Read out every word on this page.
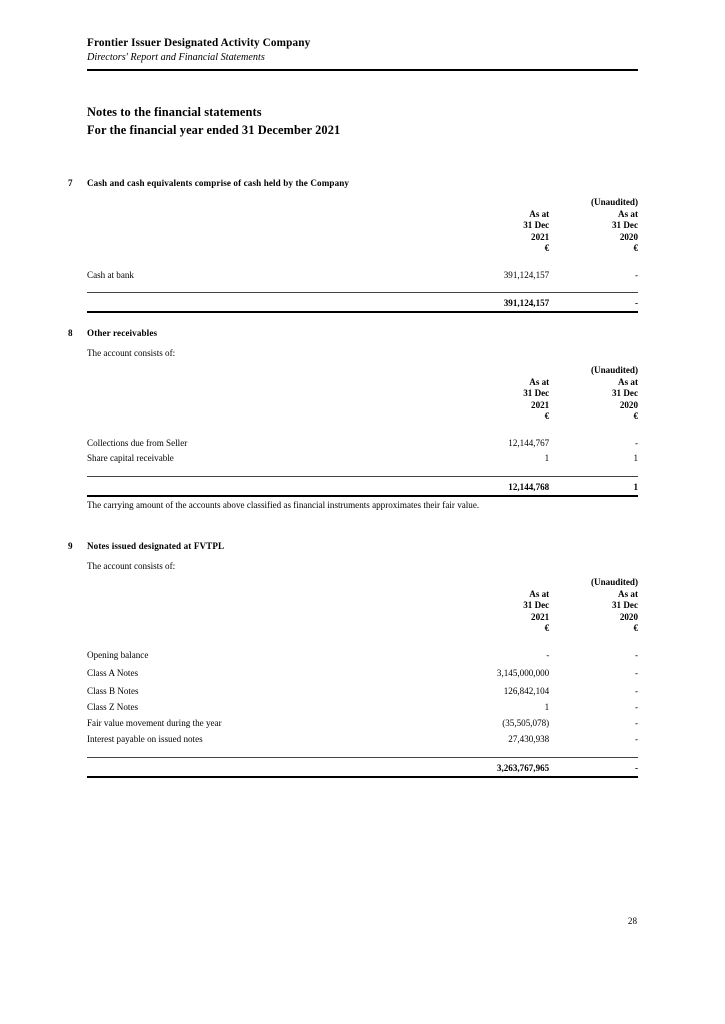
Frontier Issuer Designated Activity Company
Directors' Report and Financial Statements
Notes to the financial statements
For the financial year ended 31 December 2021
7 Cash and cash equivalents comprise of cash held by the Company
		(Unaudited)
	As at	As at
	31 Dec	31 Dec
	2021	2020
	€	€

Cash at bank	391,124,157	-

	391,124,157	-
8 Other receivables
The account consists of:
		(Unaudited)
	As at	As at
	31 Dec	31 Dec
	2021	2020
	€	€

Collections due from Seller	12,144,767	-
Share capital receivable	1	1

	12,144,768	1
The carrying amount of the accounts above classified as financial instruments approximates their fair value.
9 Notes issued designated at FVTPL
The account consists of:
		(Unaudited)
	As at	As at
	31 Dec	31 Dec
	2021	2020
	€	€

Opening balance	-	-
Class A Notes	3,145,000,000	-
Class B Notes	126,842,104	-
Class Z Notes	1	-
Fair value movement during the year	(35,505,078)	-
Interest payable on issued notes	27,430,938	-

	3,263,767,965	-
28
